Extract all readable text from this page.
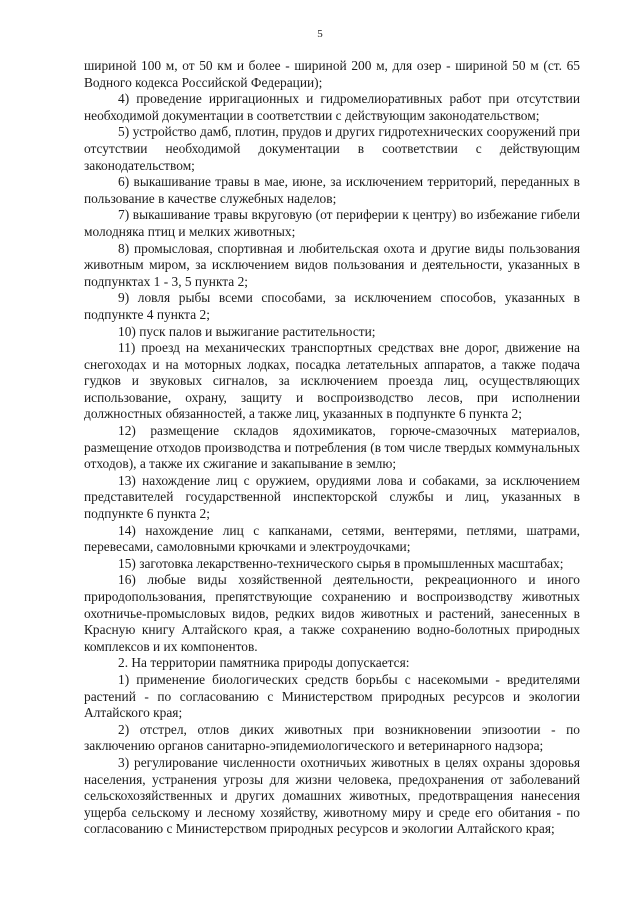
5

шириной 100 м, от 50 км и более - шириной 200 м, для озер - шириной 50 м (ст. 65 Водного кодекса Российской Федерации);

4) проведение ирригационных и гидромелиоративных работ при отсутствии необходимой документации в соответствии с действующим законодательством;

5) устройство дамб, плотин, прудов и других гидротехнических сооружений при отсутствии необходимой документации в соответствии с действующим законодательством;

6) выкашивание травы в мае, июне, за исключением территорий, переданных в пользование в качестве служебных наделов;

7) выкашивание травы вкруговую (от периферии к центру) во избежание гибели молодняка птиц и мелких животных;

8) промысловая, спортивная и любительская охота и другие виды пользования животным миром, за исключением видов пользования и деятельности, указанных в подпунктах 1 - 3, 5 пункта 2;

9) ловля рыбы всеми способами, за исключением способов, указанных в подпункте 4 пункта 2;

10) пуск палов и выжигание растительности;

11) проезд на механических транспортных средствах вне дорог, движение на снегоходах и на моторных лодках, посадка летательных аппаратов, а также подача гудков и звуковых сигналов, за исключением проезда лиц, осуществляющих использование, охрану, защиту и воспроизводство лесов, при исполнении должностных обязанностей, а также лиц, указанных в подпункте 6 пункта 2;

12) размещение складов ядохимикатов, горюче-смазочных материалов, размещение отходов производства и потребления (в том числе твердых коммунальных отходов), а также их сжигание и закапывание в землю;

13) нахождение лиц с оружием, орудиями лова и собаками, за исключением представителей государственной инспекторской службы и лиц, указанных в подпункте 6 пункта 2;

14) нахождение лиц с капканами, сетями, вентерями, петлями, шатрами, перевесами, самоловными крючками и электроудочками;

15) заготовка лекарственно-технического сырья в промышленных масштабах;

16) любые виды хозяйственной деятельности, рекреационного и иного природопользования, препятствующие сохранению и воспроизводству животных охотничье-промысловых видов, редких видов животных и растений, занесенных в Красную книгу Алтайского края, а также сохранению водно-болотных природных комплексов и их компонентов.

2. На территории памятника природы допускается:

1) применение биологических средств борьбы с насекомыми - вредителями растений - по согласованию с Министерством природных ресурсов и экологии Алтайского края;

2) отстрел, отлов диких животных при возникновении эпизоотии - по заключению органов санитарно-эпидемиологического и ветеринарного надзора;

3) регулирование численности охотничьих животных в целях охраны здоровья населения, устранения угрозы для жизни человека, предохранения от заболеваний сельскохозяйственных и других домашних животных, предотвращения нанесения ущерба сельскому и лесному хозяйству, животному миру и среде его обитания - по согласованию с Министерством природных ресурсов и экологии Алтайского края;
